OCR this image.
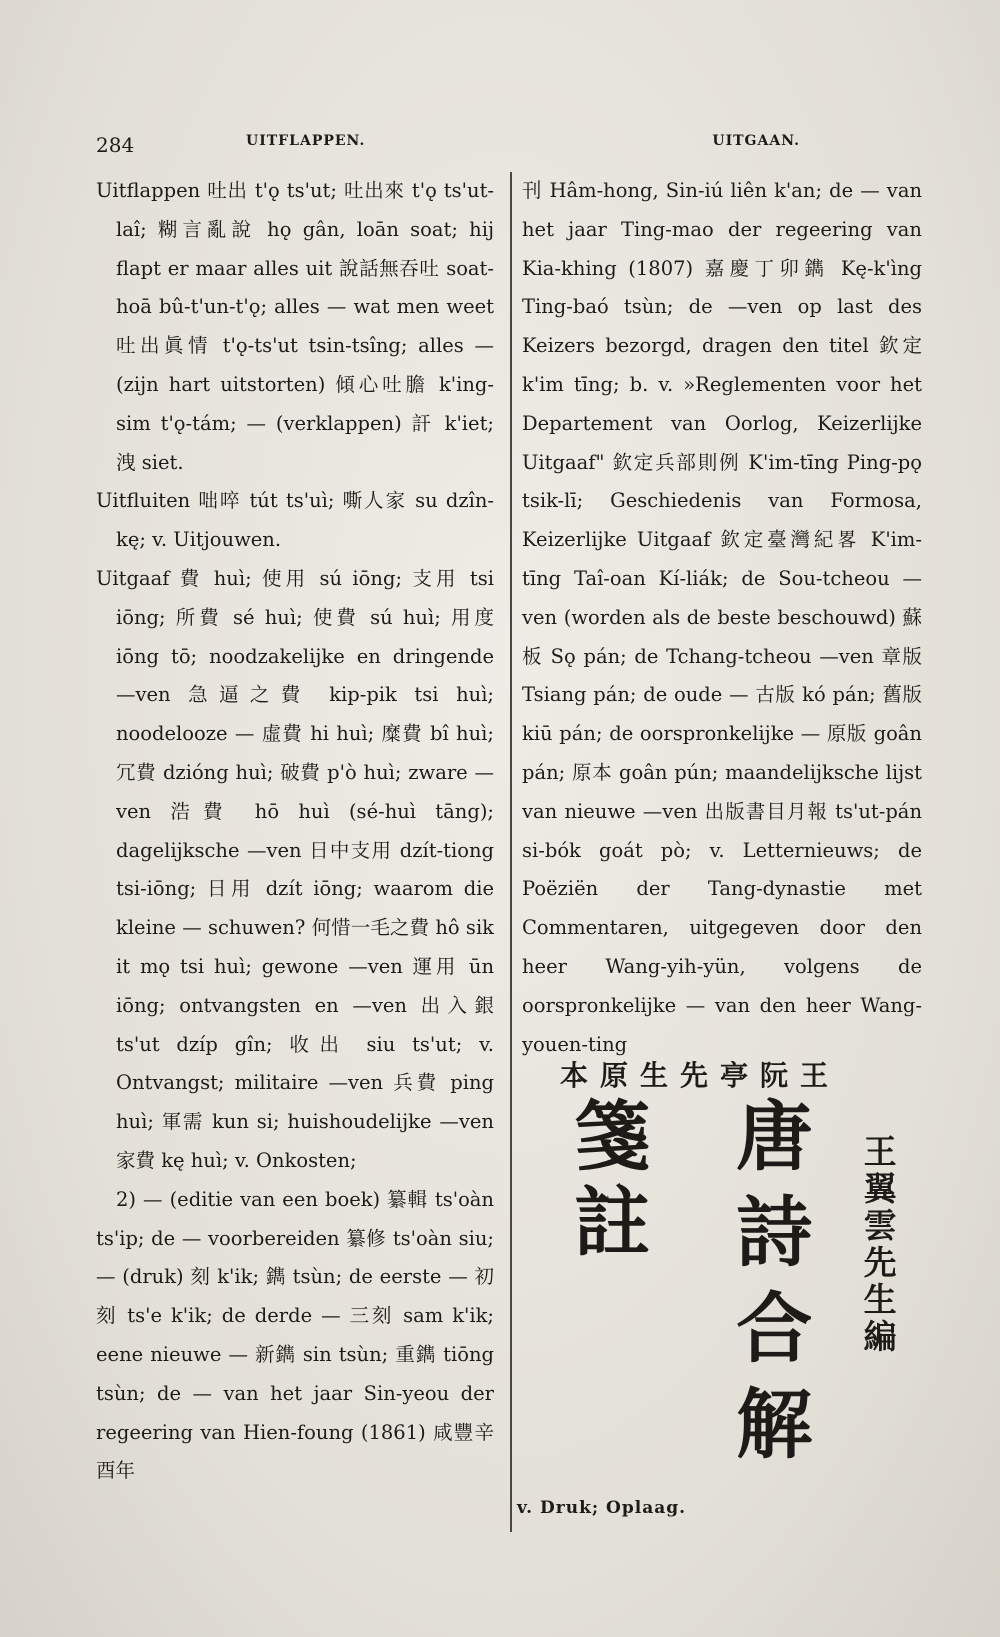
284	UITFLAPPEN.	UITGAAN.

Uitflappen 吐出 t'ǫ ts'ut; 吐出來 t'ǫ ts'ut-laî; 糊言亂說 hǫ gân, loān soat; hij flapt er maar alles uit 說話無吞吐 soat-hoā bû-t'un-t'ǫ; alles — wat men weet 吐出眞情 t'ǫ-ts'ut tsin-tsîng; alles — (zijn hart uitstorten) 傾心吐膽 k'ing-sim t'ǫ-tám; — (verklappen) 訐 k'iet; 洩 siet.

Uitfluiten 咄啐 tút ts'uì; 嘶人家 su dzîn-kę; v. Uitjouwen.

Uitgaaf 費 huì; 使用 sú iōng; 支用 tsi iōng; 所費 sé huì; 使費 sú huì; 用度 iōng tō; noodzakelijke en dringende —ven 急逼之費 kip-pik tsi huì; noodelooze — 虛費 hi huì; 糜費 bî huì; 冗費 dzióng huì; 破費 p'ò huì; zware —ven 浩費 hō huì (sé-huì tāng); dagelijksche —ven 日中支用 dzít-tiong tsi-iōng; 日用 dzít iōng; waarom die kleine — schuwen? 何惜一毛之費 hô sik it mǫ tsi huì; gewone —ven 運用 ūn iōng; ontvangsten en —ven 出入銀 ts'ut dzíp gîn; 收出 siu ts'ut; v. Ontvangst; militaire —ven 兵費 ping huì; 軍需 kun si; huishoudelijke —ven 家費 kę huì; v. Onkosten;

2) — (editie van een boek) 纂輯 ts'oàn ts'ip; de — voorbereiden 纂修 ts'oàn siu; — (druk) 刻 k'ik; 鐫 tsùn; de eerste — 初刻 ts'e k'ik; de derde — 三刻 sam k'ik; eene nieuwe — 新鐫 sin tsùn; 重鐫 tiōng tsùn; de — van het jaar Sin-yeou der regeering van Hien-foung (1861) 咸豐辛酉年

刊 Hâm-hong, Sin-iú liên k'an; de — van het jaar Ting-mao der regeering van Kia-khing (1807) 嘉慶丁卯鐫 Kę-k'ìng Ting-baó tsùn; de —ven op last des Keizers bezorgd, dragen den titel 欽定 k'im tīng; b. v. »Reglementen voor het Departement van Oorlog, Keizerlijke Uitgaaf" 欽定兵部則例 K'im-tīng Ping-pǫ tsik-lī; Geschiedenis van Formosa, Keizerlijke Uitgaaf 欽定臺灣紀畧 K'im-tīng Taî-oan Kí-liák; de Sou-tcheou —ven (worden als de beste beschouwd) 蘇板 Sǫ pán; de Tchang-tcheou —ven 章版 Tsiang pán; de oude — 古版 kó pán; 舊版 kiū pán; de oorspronkelijke — 原版 goân pán; 原本 goân pún; maandelijksche lijst van nieuwe —ven 出版書目月報 ts'ut-pán si-bók goát pò; v. Letternieuws; de Poëziën der Tang-dynastie met Commentaren, uitgegeven door den heer Wang-yih-yün, volgens de oorspronkelijke — van den heer Wang-youen-ting

本原生先亭阮王
唐詩合解
箋註	王翼雲先生編
v. Druk; Oplaag.
